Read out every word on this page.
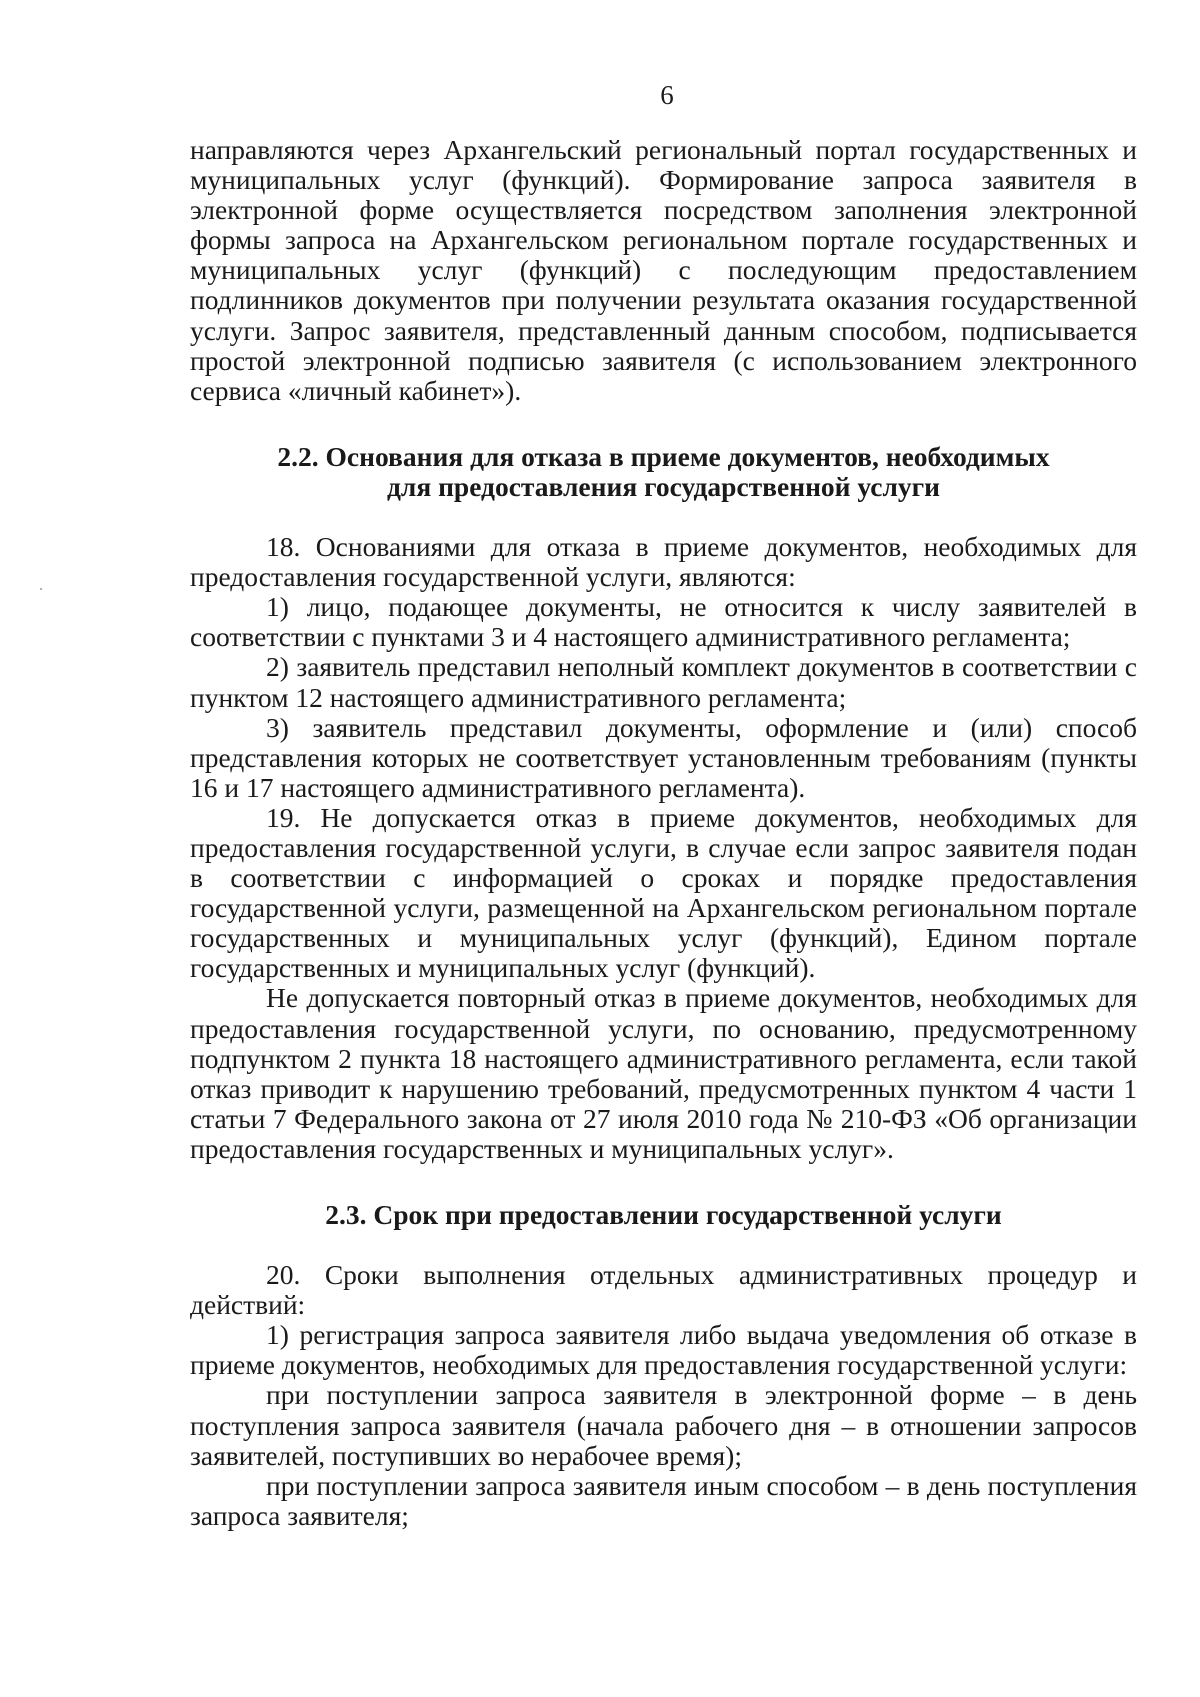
6

направляются через Архангельский региональный портал государственных и муниципальных услуг (функций). Формирование запроса заявителя в электронной форме осуществляется посредством заполнения электронной формы запроса на Архангельском региональном портале государственных и муниципальных услуг (функций) с последующим предоставлением подлинников документов при получении результата оказания государственной услуги. Запрос заявителя, представленный данным способом, подписывается простой электронной подписью заявителя (с использованием электронного сервиса «личный кабинет»).

2.2. Основания для отказа в приеме документов, необходимых
для предоставления государственной услуги

18. Основаниями для отказа в приеме документов, необходимых для предоставления государственной услуги, являются:

1) лицо, подающее документы, не относится к числу заявителей в соответствии с пунктами 3 и 4 настоящего административного регламента;

2) заявитель представил неполный комплект документов в соответствии с пунктом 12 настоящего административного регламента;

3) заявитель представил документы, оформление и (или) способ представления которых не соответствует установленным требованиям (пункты 16 и 17 настоящего административного регламента).

19. Не допускается отказ в приеме документов, необходимых для предоставления государственной услуги, в случае если запрос заявителя подан в соответствии с информацией о сроках и порядке предоставления государственной услуги, размещенной на Архангельском региональном портале государственных и муниципальных услуг (функций), Едином портале государственных и муниципальных услуг (функций).

Не допускается повторный отказ в приеме документов, необходимых для предоставления государственной услуги, по основанию, предусмотренному подпунктом 2 пункта 18 настоящего административного регламента, если такой отказ приводит к нарушению требований, предусмотренных пунктом 4 части 1 статьи 7 Федерального закона от 27 июля 2010 года № 210-ФЗ «Об организации предоставления государственных и муниципальных услуг».

2.3. Срок при предоставлении государственной услуги

20. Сроки выполнения отдельных административных процедур и действий:

1) регистрация запроса заявителя либо выдача уведомления об отказе в приеме документов, необходимых для предоставления государственной услуги:

при поступлении запроса заявителя в электронной форме – в день поступления запроса заявителя (начала рабочего дня – в отношении запросов заявителей, поступивших во нерабочее время);

при поступлении запроса заявителя иным способом – в день поступления запроса заявителя;
